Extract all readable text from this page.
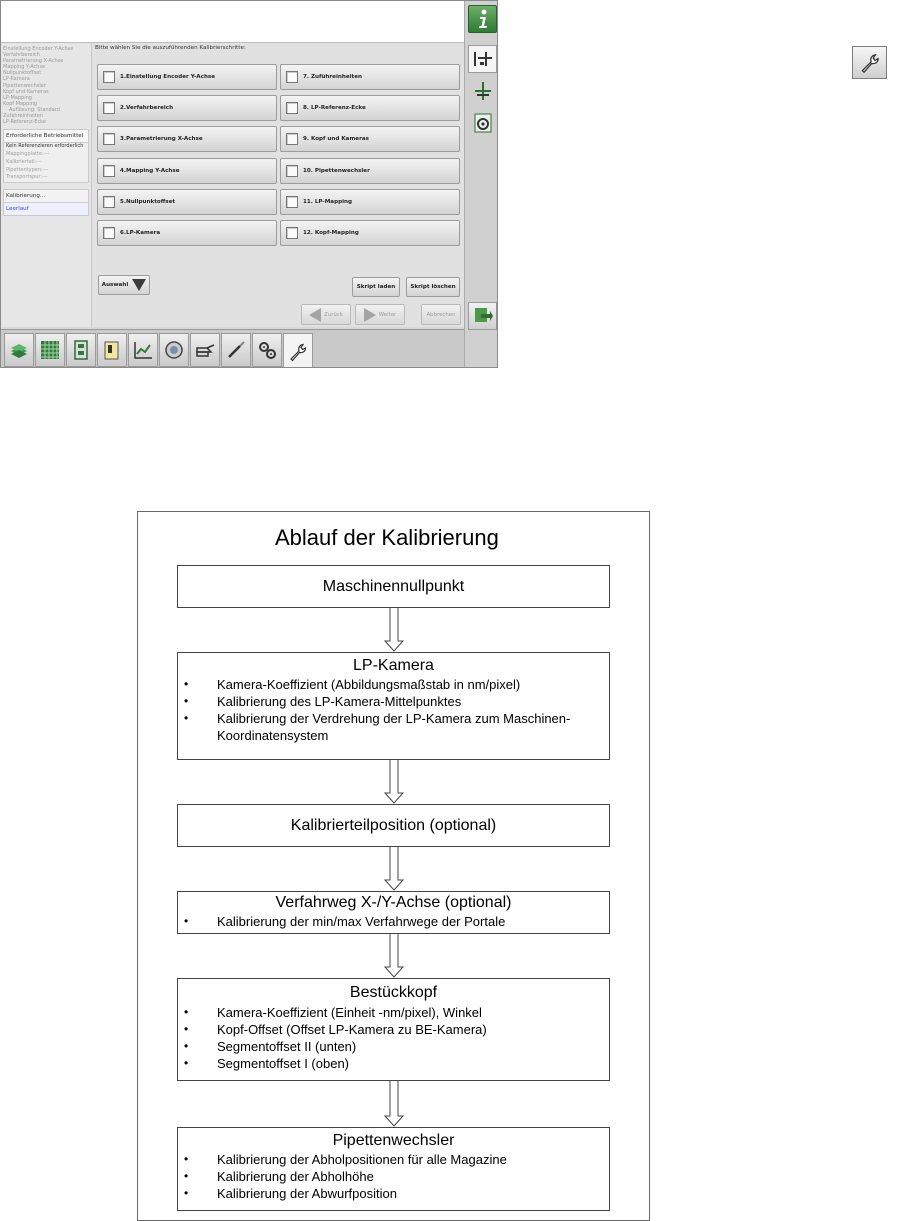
Einstellung Encoder Y-Achse
Verfahrbereich
Parametrierung X-Achse
Mapping Y-Achse
Nullpunktoffset
LP-Kamera
Pipettenwechsler
Kopf und Kameras
LP-Mapping
Kopf Mapping
Auflösung: Standard
Zufahreinheiten
LP-Referenz-Ecke
Erforderliche Betriebsmittel
Kein Referenzieren erforderlich
Mappingplatte:---
Kalibrierteil:---
Pipettentypen:---
Transportspur:---
Kalibrierung...
Leerlauf
Bitte wählen Sie die auszuführenden Kalibrierschritte:
1.Einstellung Encoder Y-Achse
2.Verfahrbereich
3.Parametrierung X-Achse
4.Mapping Y-Achse
5.Nullpunktoffset
6.LP-Kamera
7. Zuführeinheiten
8. LP-Referenz-Ecke
9. Kopf und Kameras
10. Pipettenwechsler
11. LP-Mapping
12. Kopf-Mapping
Auswahl	Skript laden	Skript löschen
Zurück	Weiter	Abbrechen
Ablauf der Kalibrierung
Maschinennullpunkt
LP-Kamera
• Kamera-Koeffizient (Abbildungsmaßstab in nm/pixel)
• Kalibrierung des LP-Kamera-Mittelpunktes
• Kalibrierung der Verdrehung der LP-Kamera zum Maschinen-Koordinatensystem
Kalibrierteilposition (optional)
Verfahrweg X-/Y-Achse (optional)
• Kalibrierung der min/max Verfahrwege der Portale
Bestückkopf
• Kamera-Koeffizient (Einheit -nm/pixel), Winkel
• Kopf-Offset (Offset LP-Kamera zu BE-Kamera)
• Segmentoffset II (unten)
• Segmentoffset I (oben)
Pipettenwechsler
• Kalibrierung der Abholpositionen für alle Magazine
• Kalibrierung der Abholhöhe
• Kalibrierung der Abwurfposition
